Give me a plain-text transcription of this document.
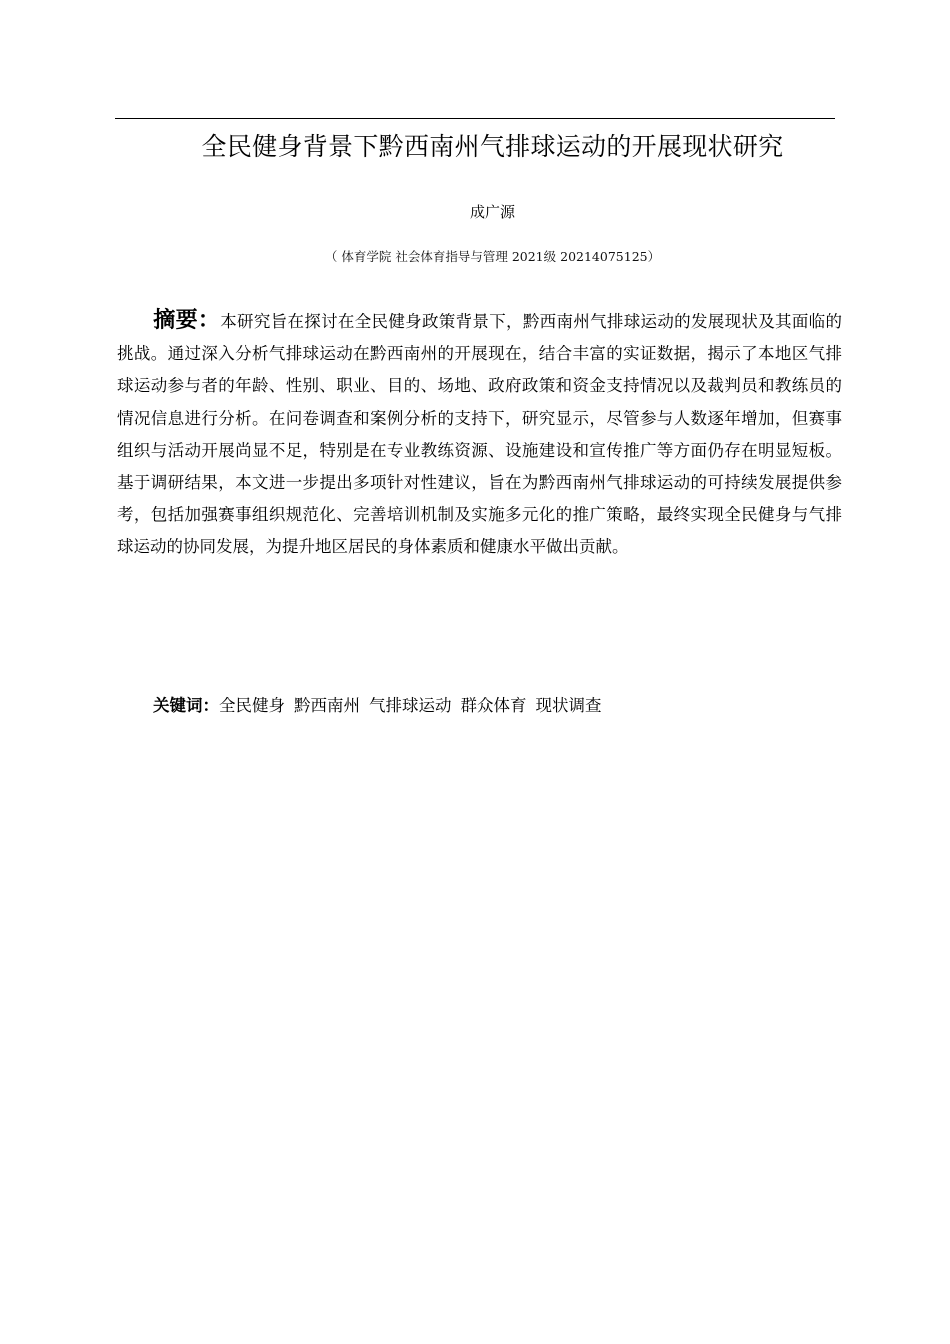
全民健身背景下黔西南州气排球运动的开展现状研究
成广源
（ 体育学院 社会体育指导与管理 2021级 20214075125）

摘要：本研究旨在探讨在全民健身政策背景下，黔西南州气排球运动的发展现状及其面临的挑战。通过深入分析气排球运动在黔西南州的开展现在，结合丰富的实证数据，揭示了本地区气排球运动参与者的年龄、性别、职业、目的、场地、政府政策和资金支持情况以及裁判员和教练员的情况信息进行分析。在问卷调查和案例分析的支持下，研究显示，尽管参与人数逐年增加，但赛事组织与活动开展尚显不足，特别是在专业教练资源、设施建设和宣传推广等方面仍存在明显短板。基于调研结果，本文进一步提出多项针对性建议，旨在为黔西南州气排球运动的可持续发展提供参考，包括加强赛事组织规范化、完善培训机制及实施多元化的推广策略，最终实现全民健身与气排球运动的协同发展，为提升地区居民的身体素质和健康水平做出贡献。

关键词：全民健身 黔西南州 气排球运动 群众体育 现状调查
